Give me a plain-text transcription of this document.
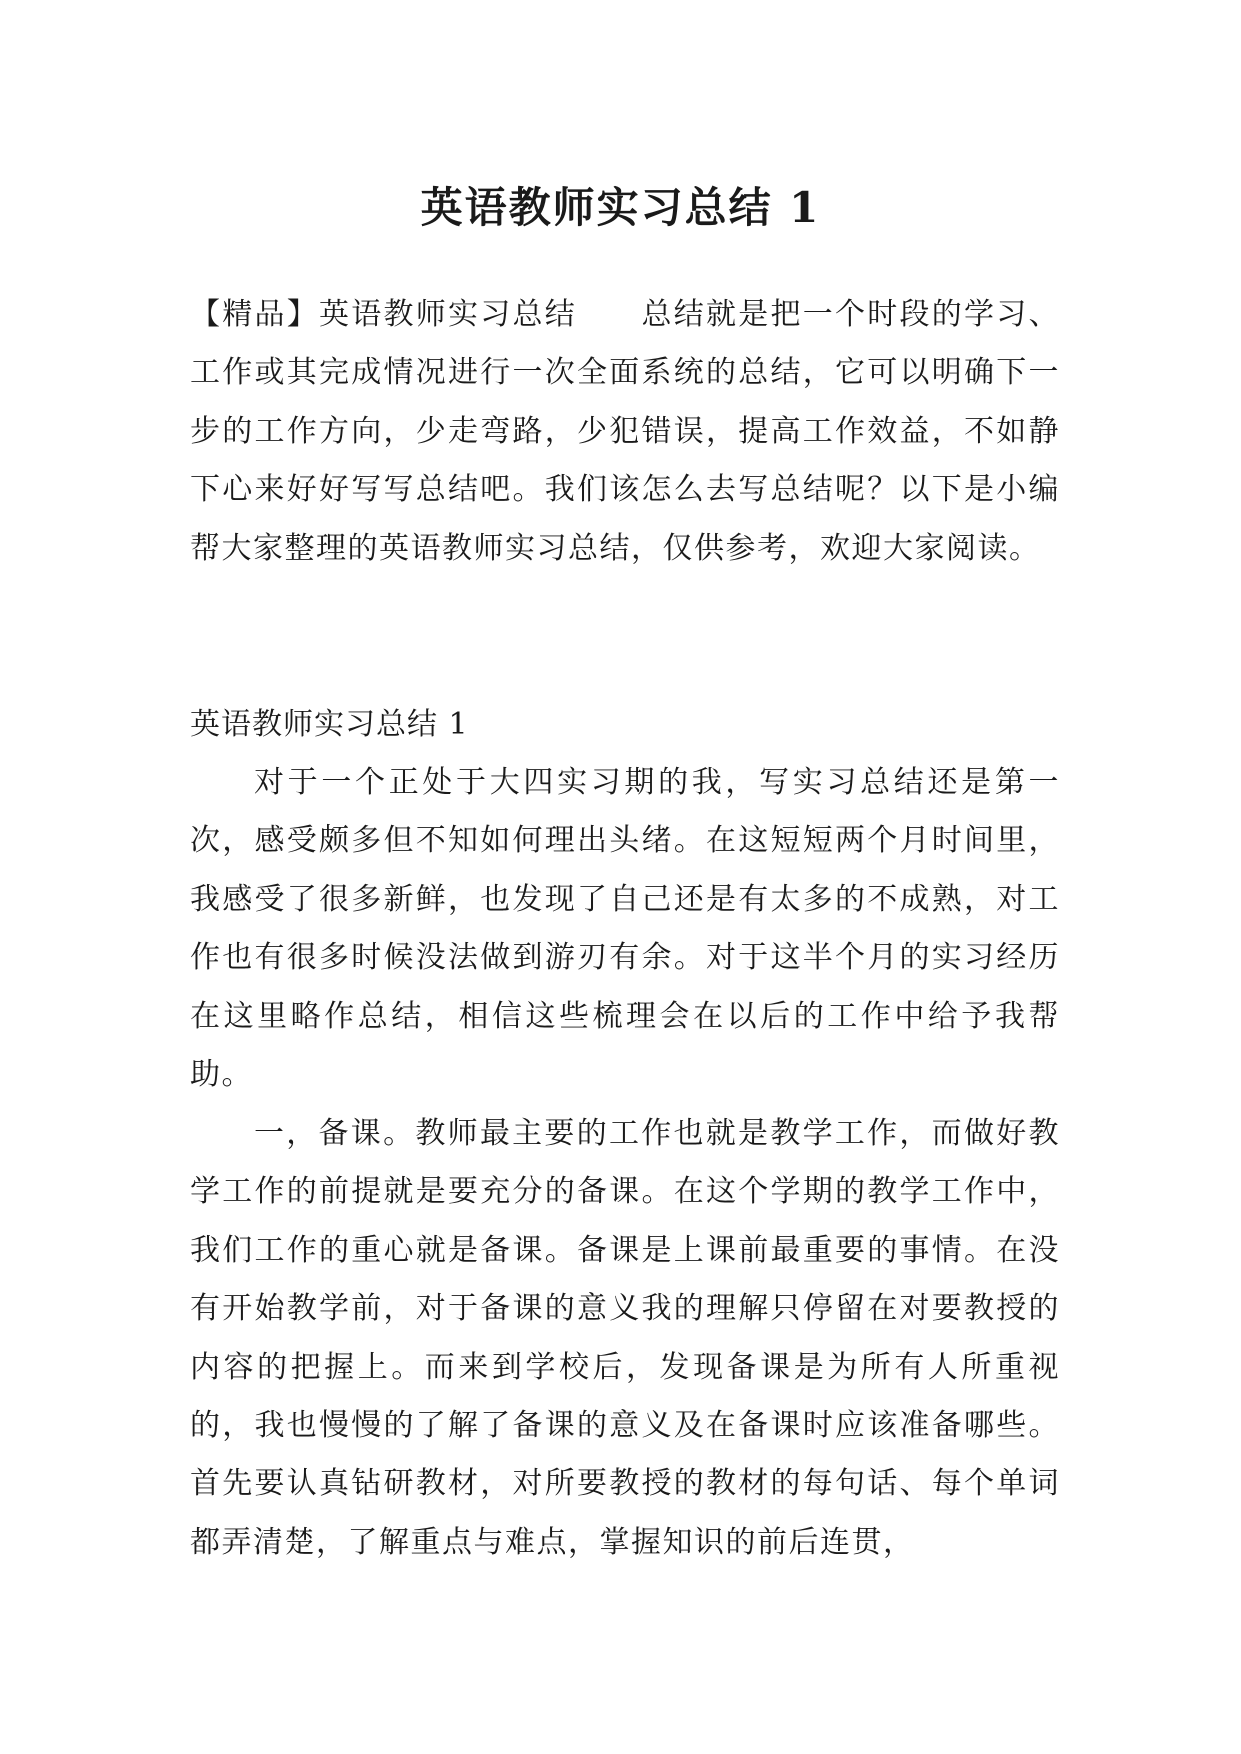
英语教师实习总结 1

【精品】英语教师实习总结　　总结就是把一个时段的学习、工作或其完成情况进行一次全面系统的总结，它可以明确下一步的工作方向，少走弯路，少犯错误，提高工作效益，不如静下心来好好写写总结吧。我们该怎么去写总结呢？以下是小编帮大家整理的英语教师实习总结，仅供参考，欢迎大家阅读。

英语教师实习总结 1

对于一个正处于大四实习期的我，写实习总结还是第一次，感受颇多但不知如何理出头绪。在这短短两个月时间里，我感受了很多新鲜，也发现了自己还是有太多的不成熟，对工作也有很多时候没法做到游刃有余。对于这半个月的实习经历在这里略作总结，相信这些梳理会在以后的工作中给予我帮助。

一，备课。教师最主要的工作也就是教学工作，而做好教学工作的前提就是要充分的备课。在这个学期的教学工作中，我们工作的重心就是备课。备课是上课前最重要的事情。在没有开始教学前，对于备课的意义我的理解只停留在对要教授的内容的把握上。而来到学校后，发现备课是为所有人所重视的，我也慢慢的了解了备课的意义及在备课时应该准备哪些。首先要认真钻研教材，对所要教授的教材的每句话、每个单词都弄清楚，了解重点与难点，掌握知识的前后连贯，
